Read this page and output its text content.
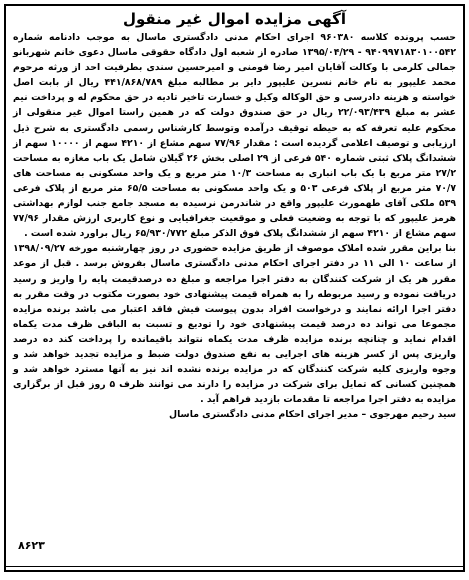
آگهی مزایده اموال غیر منقول

حسب پرونده کلاسه ۹۶۰۳۸۰ اجرای احکام مدنی دادگستری ماسال به موجب دادنامه شماره ۹۴۰۹۹۷۱۸۳۰۱۰۰۵۴۲ - ۱۳۹۵/۰۴/۲۹ صادره از شعبه اول دادگاه حقوقی ماسال دعوی خانم شهربانو جمالی کلرمی با وکالت آقایان امیر رضا فومنی و امیرحسین سندی بطرفیت احد از ورثه مرحوم محمد علیپور به نام خانم نسرین علیپور دایر بر مطالبه مبلغ ۴۴۱/۸۶۸/۷۸۹ ریال از بابت اصل خواسته و هزینه دادرسی و حق الوکاله وکیل و خسارت تاخیر تادیه در حق محکوم له و پرداخت نیم عشر به مبلغ ۲۲/۰۹۳/۴۳۹ ریال در حق صندوق دولت که در همین راستا اموال غیر منقولی از محکوم علیه تعرفه که به حیطه توقیف درآمده وتوسط کارشناس رسمی دادگستری به شرح ذیل ارزیابی و توصیف اعلامی گردیده است : مقدار ۷۷/۹۶ سهم مشاع از ۴۲۱۰ سهم از ۱۰۰۰۰ سهم از ششدانگ پلاک ثبتی شماره ۵۴۰ فرعی از ۲۹ اصلی بخش ۲۶ گیلان شامل یک باب مغازه به مساحت ۲۷/۲ متر مربع با یک باب انباری به مساحت ۱۰/۳ متر مربع و یک واحد مسکونی به مساحت های ۷۰/۷ متر مربع از پلاک فرعی ۵۰۳ و یک واحد مسکونی به مساحت ۶۵/۵ متر مربع از پلاک فرعی ۵۳۹ ملکی آقای طهمورث علیپور واقع در شاندرمن نرسیده به مسجد جامع جنب لوازم بهداشتی هرمز علیپور که با توجه به وضعیت فعلی و موقعیت جغرافیایی و نوع کاربری ارزش مقدار ۷۷/۹۶ سهم مشاع از ۴۲۱۰ سهم از ششدانگ پلاک فوق الذکر مبلغ ۶۵/۹۳۰/۷۷۲ ریال براورد شده است .

بنا براین مقرر شده املاک موصوف از طریق مزایده حضوری در روز چهارشنبه مورخه ۱۳۹۸/۰۹/۲۷ از ساعت ۱۰ الی ۱۱ در دفتر اجرای احکام مدنی دادگستری ماسال بفروش برسد . قبل از موعد مقرر هر یک از شرکت کنندگان به دفتر اجرا مراجعه و مبلغ ده درصدقیمت پایه را واریز و رسید دریافت نموده و رسید مربوطه را به همراه قیمت پیشنهادی خود بصورت مکتوب در وقت مقرر به دفتر اجرا ارائه نمایند و درخواست افراد بدون پیوست فیش فاقد اعتبار می باشد برنده مزایده مجموعا می تواند ده درصد قیمت پیشنهادی خود را تودیع و تسبت به الباقی ظرف مدت یکماه اقدام نماید و چنانچه برنده مزایده ظرف مدت یکماه نتواند باقیمانده را پرداخت کند ده درصد واریزی پس از کسر هزینه های اجرایی به نفع صندوق دولت ضبط و مزایده تجدید خواهد شد و وجوه واریزی کلیه شرکت کنندگان که در مزایده برنده نشده اند نیز به آنها مسترد خواهد شد و همچنین کسانی که تمایل برای شرکت در مزایده را دارند می توانند ظرف ۵ روز قبل از برگزاری مزایده به دفتر اجرا مراجعه تا مقدمات بازدید فراهم آید .

سید رحیم مهرجوی – مدیر اجرای احکام مدنی دادگستری ماسال
۸۶۲۳
